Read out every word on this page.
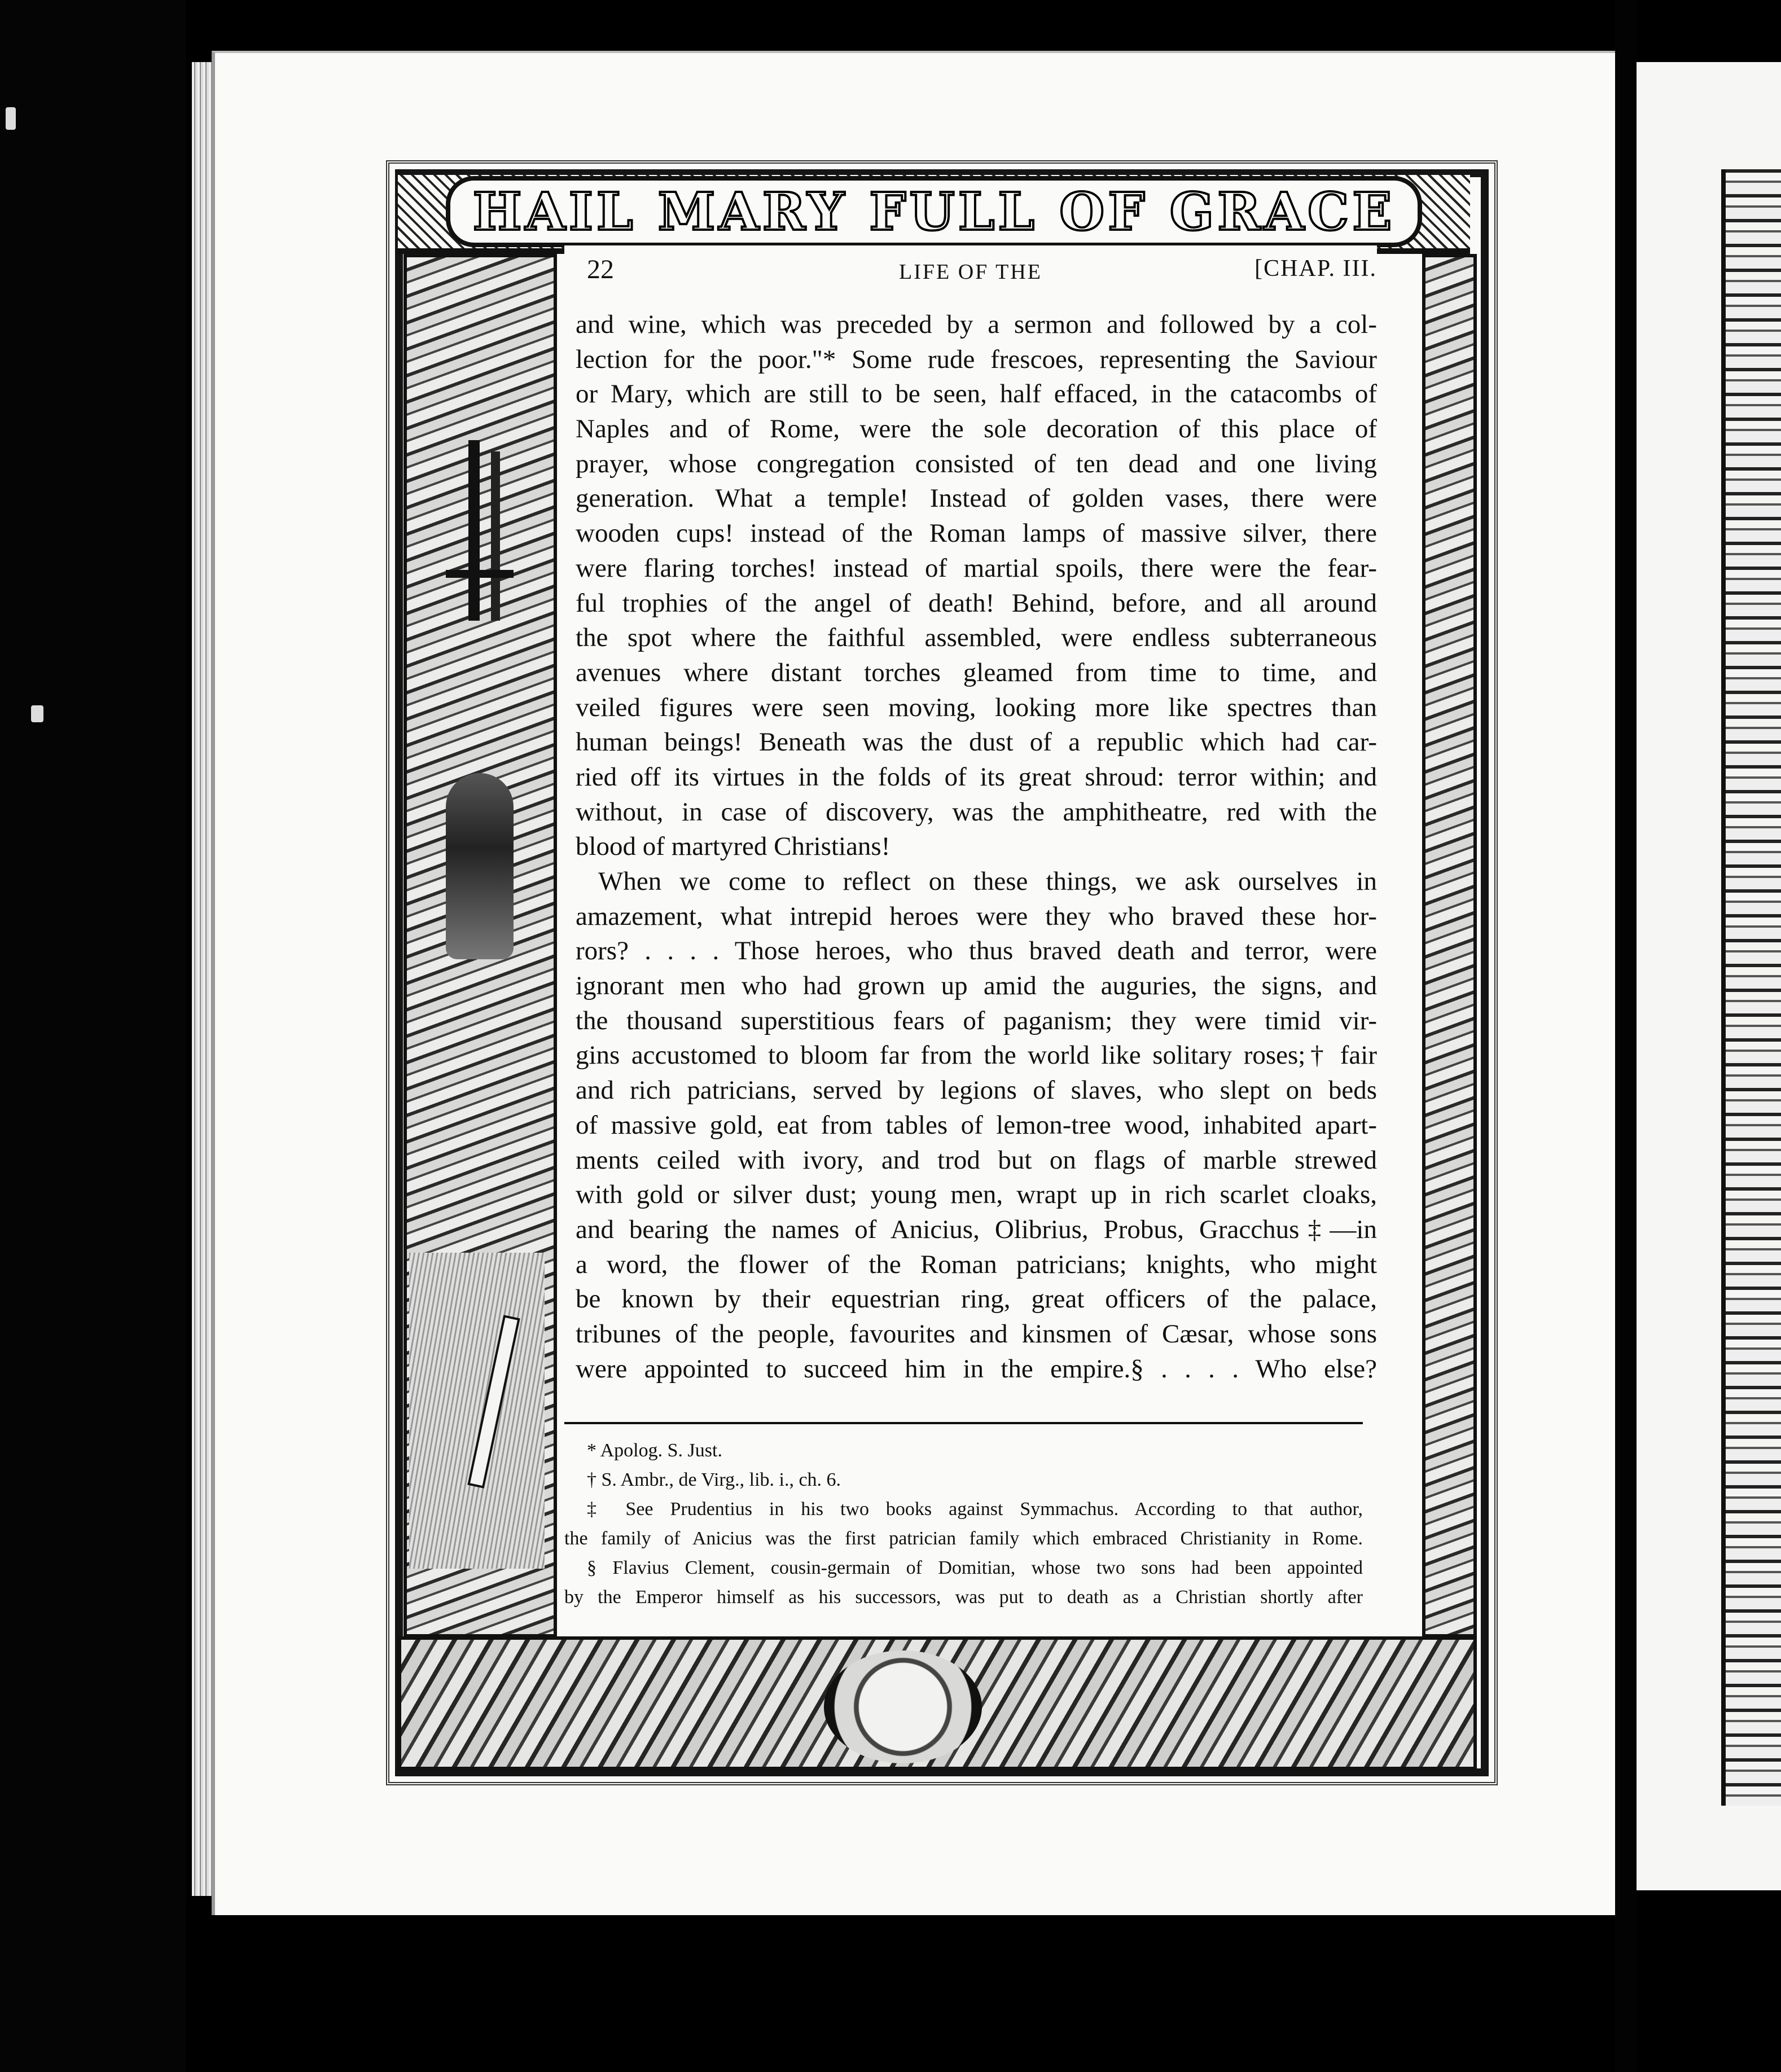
HAIL MARY FULL OF GRACE
22	LIFE OF THE	[CHAP. III.
and wine, which was preceded by a sermon and followed by a col-
lection for the poor."* Some rude frescoes, representing the Saviour
or Mary, which are still to be seen, half effaced, in the catacombs of
Naples and of Rome, were the sole decoration of this place of
prayer, whose congregation consisted of ten dead and one living
generation. What a temple! Instead of golden vases, there were
wooden cups! instead of the Roman lamps of massive silver, there
were flaring torches! instead of martial spoils, there were the fear-
ful trophies of the angel of death! Behind, before, and all around
the spot where the faithful assembled, were endless subterraneous
avenues where distant torches gleamed from time to time, and
veiled figures were seen moving, looking more like spectres than
human beings! Beneath was the dust of a republic which had car-
ried off its virtues in the folds of its great shroud: terror within; and
without, in case of discovery, was the amphitheatre, red with the
blood of martyred Christians!
When we come to reflect on these things, we ask ourselves in
amazement, what intrepid heroes were they who braved these hor-
rors? . . . . Those heroes, who thus braved death and terror, were
ignorant men who had grown up amid the auguries, the signs, and
the thousand superstitious fears of paganism; they were timid vir-
gins accustomed to bloom far from the world like solitary roses;† fair
and rich patricians, served by legions of slaves, who slept on beds
of massive gold, eat from tables of lemon-tree wood, inhabited apart-
ments ceiled with ivory, and trod but on flags of marble strewed
with gold or silver dust; young men, wrapt up in rich scarlet cloaks,
and bearing the names of Anicius, Olibrius, Probus, Gracchus‡—in
a word, the flower of the Roman patricians; knights, who might
be known by their equestrian ring, great officers of the palace,
tribunes of the people, favourites and kinsmen of Cæsar, whose sons
were appointed to succeed him in the empire.§ . . . . Who else?
* Apolog. S. Just.
† S. Ambr., de Virg., lib. i., ch. 6.
‡ See Prudentius in his two books against Symmachus. According to that author,
the family of Anicius was the first patrician family which embraced Christianity in Rome.
§ Flavius Clement, cousin-germain of Domitian, whose two sons had been appointed
by the Emperor himself as his successors, was put to death as a Christian shortly after
